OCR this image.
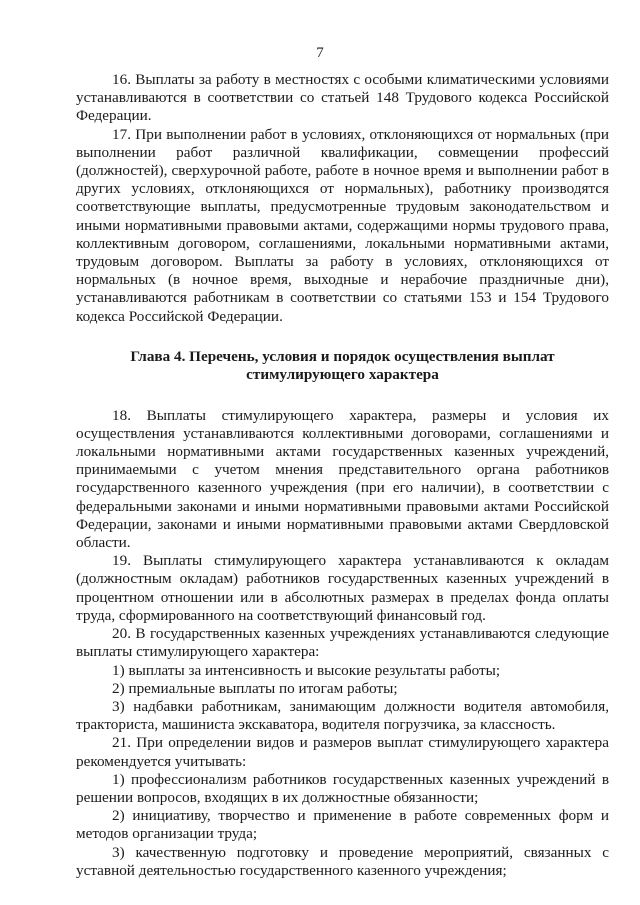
7

16. Выплаты за работу в местностях с особыми климатическими условиями устанавливаются в соответствии со статьей 148 Трудового кодекса Российской Федерации.

17. При выполнении работ в условиях, отклоняющихся от нормальных (при выполнении работ различной квалификации, совмещении профессий (должностей), сверхурочной работе, работе в ночное время и выполнении работ в других условиях, отклоняющихся от нормальных), работнику производятся соответствующие выплаты, предусмотренные трудовым законодательством и иными нормативными правовыми актами, содержащими нормы трудового права, коллективным договором, соглашениями, локальными нормативными актами, трудовым договором. Выплаты за работу в условиях, отклоняющихся от нормальных (в ночное время, выходные и нерабочие праздничные дни), устанавливаются работникам в соответствии со статьями 153 и 154 Трудового кодекса Российской Федерации.

Глава 4. Перечень, условия и порядок осуществления выплат
стимулирующего характера

18. Выплаты стимулирующего характера, размеры и условия их осуществления устанавливаются коллективными договорами, соглашениями и локальными нормативными актами государственных казенных учреждений, принимаемыми с учетом мнения представительного органа работников государственного казенного учреждения (при его наличии), в соответствии с федеральными законами и иными нормативными правовыми актами Российской Федерации, законами и иными нормативными правовыми актами Свердловской области.

19. Выплаты стимулирующего характера устанавливаются к окладам (должностным окладам) работников государственных казенных учреждений в процентном отношении или в абсолютных размерах в пределах фонда оплаты труда, сформированного на соответствующий финансовый год.

20. В государственных казенных учреждениях устанавливаются следующие выплаты стимулирующего характера:

1) выплаты за интенсивность и высокие результаты работы;

2) премиальные выплаты по итогам работы;

3) надбавки работникам, занимающим должности водителя автомобиля, тракториста, машиниста экскаватора, водителя погрузчика, за классность.

21. При определении видов и размеров выплат стимулирующего характера рекомендуется учитывать:

1) профессионализм работников государственных казенных учреждений в решении вопросов, входящих в их должностные обязанности;

2) инициативу, творчество и применение в работе современных форм и методов организации труда;

3) качественную подготовку и проведение мероприятий, связанных с уставной деятельностью государственного казенного учреждения;
